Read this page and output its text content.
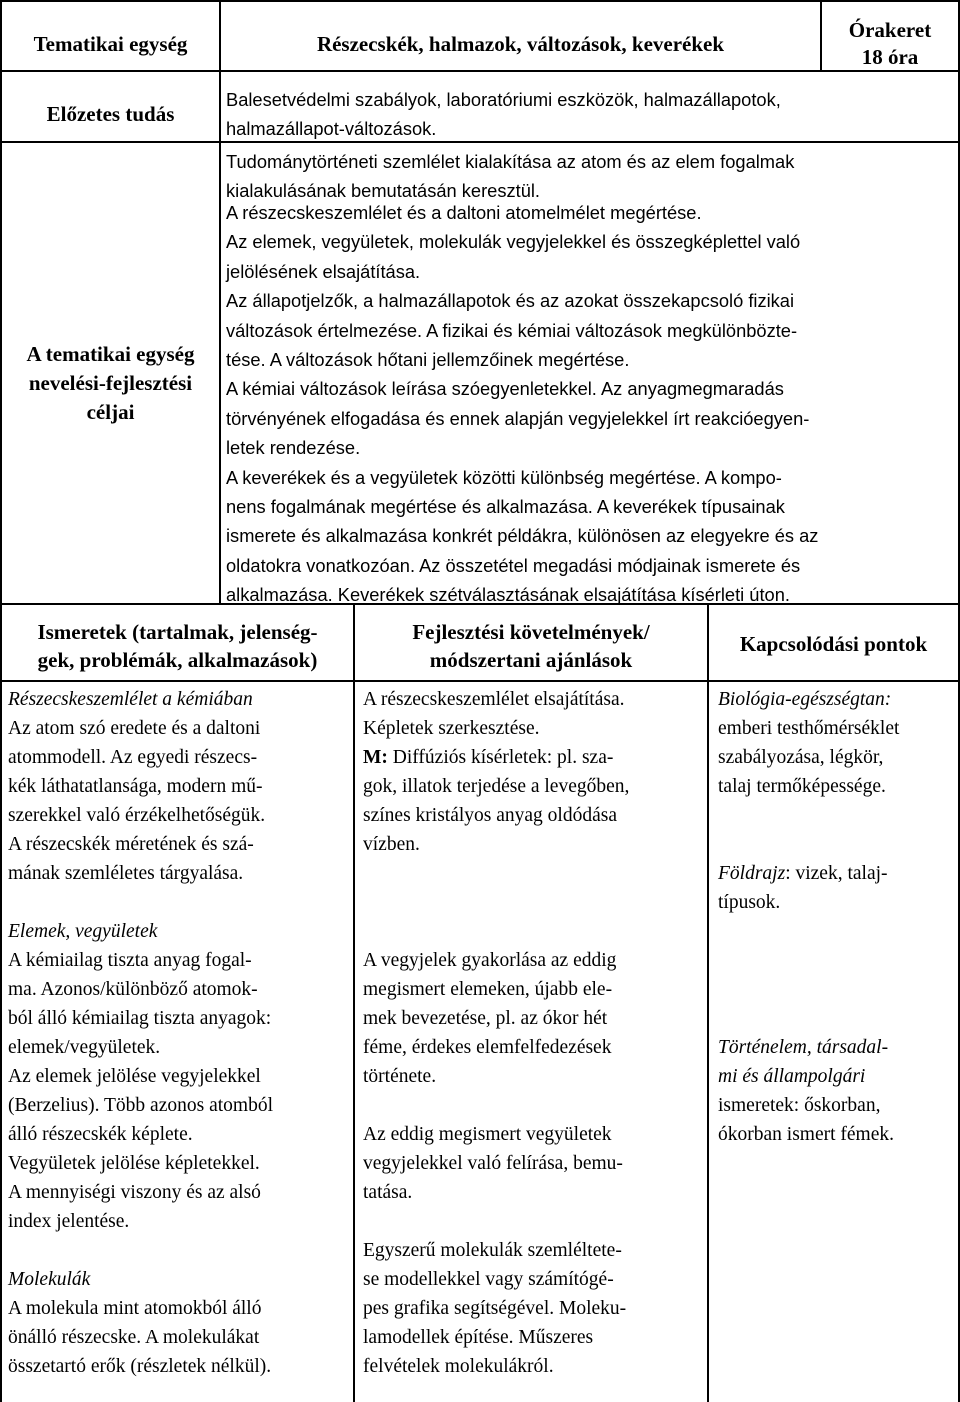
Tematikai egység	Részecskék, halmazok, változások, keverékek
Órakeret
18 óra
Előzetes tudás

Balesetvédelmi szabályok, laboratóriumi eszközök, halmazállapotok,

halmazállapot-változások.

Tudománytörténeti szemlélet kialakítása az atom és az elem fogalmak

kialakulásának bemutatásán keresztül.

A tematikai egység
nevelési-fejlesztési
céljai

A részecskeszemlélet és a daltoni atomelmélet megértése.

Az elemek, vegyületek, molekulák vegyjelekkel és összegképlettel való

jelölésének elsajátítása.

Az állapotjelzők, a halmazállapotok és az azokat összekapcsoló fizikai

változások értelmezése. A fizikai és kémiai változások megkülönbözte-

tése. A változások hőtani jellemzőinek megértése.

A kémiai változások leírása szóegyenletekkel. Az anyagmegmaradás

törvényének elfogadása és ennek alapján vegyjelekkel írt reakcióegyen-

letek rendezése.

A keverékek és a vegyületek közötti különbség megértése. A kompo-

nens fogalmának megértése és alkalmazása. A keverékek típusainak

ismerete és alkalmazása konkrét példákra, különösen az elegyekre és az

oldatokra vonatkozóan. Az összetétel megadási módjainak ismerete és

alkalmazása. Keverékek szétválasztásának elsajátítása kísérleti úton.

Ismeretek (tartalmak, jelenség-
gek, problémák, alkalmazások)
Fejlesztési követelmények/
módszertani ajánlások
Kapcsolódási pontok

Részecskeszemlélet a kémiában

Az atom szó eredete és a daltoni

atommodell. Az egyedi részecs-

kék láthatatlansága, modern mű-

szerekkel való érzékelhetőségük.

A részecskék méretének és szá-

mának szemléletes tárgyalása.

Elemek, vegyületek

A kémiailag tiszta anyag fogal-

ma. Azonos/különböző atomok-

ból álló kémiailag tiszta anyagok:

elemek/vegyületek.

Az elemek jelölése vegyjelekkel

(Berzelius). Több azonos atomból

álló részecskék képlete.

Vegyületek jelölése képletekkel.

A mennyiségi viszony és az alsó

index jelentése.

Molekulák

A molekula mint atomokból álló

önálló részecske. A molekulákat

összetartó erők (részletek nélkül).

A részecskeszemlélet elsajátítása.

Képletek szerkesztése.

M: Diffúziós kísérletek: pl. sza-

gok, illatok terjedése a levegőben,

színes kristályos anyag oldódása

vízben.

A vegyjelek gyakorlása az eddig

megismert elemeken, újabb ele-

mek bevezetése, pl. az ókor hét

féme, érdekes elemfelfedezések

története.

Az eddig megismert vegyületek

vegyjelekkel való felírása, bemu-

tatása.

Egyszerű molekulák szemléltete-

se modellekkel vagy számítógé-

pes grafika segítségével. Moleku-

lamodellek építése. Műszeres

felvételek molekulákról.

Biológia-egészségtan:

emberi testhőmérséklet

szabályozása, légkör,

talaj termőképessége.

Földrajz: vizek, talaj-

típusok.

Történelem, társadal-

mi és állampolgári

ismeretek: őskorban,

ókorban ismert fémek.
